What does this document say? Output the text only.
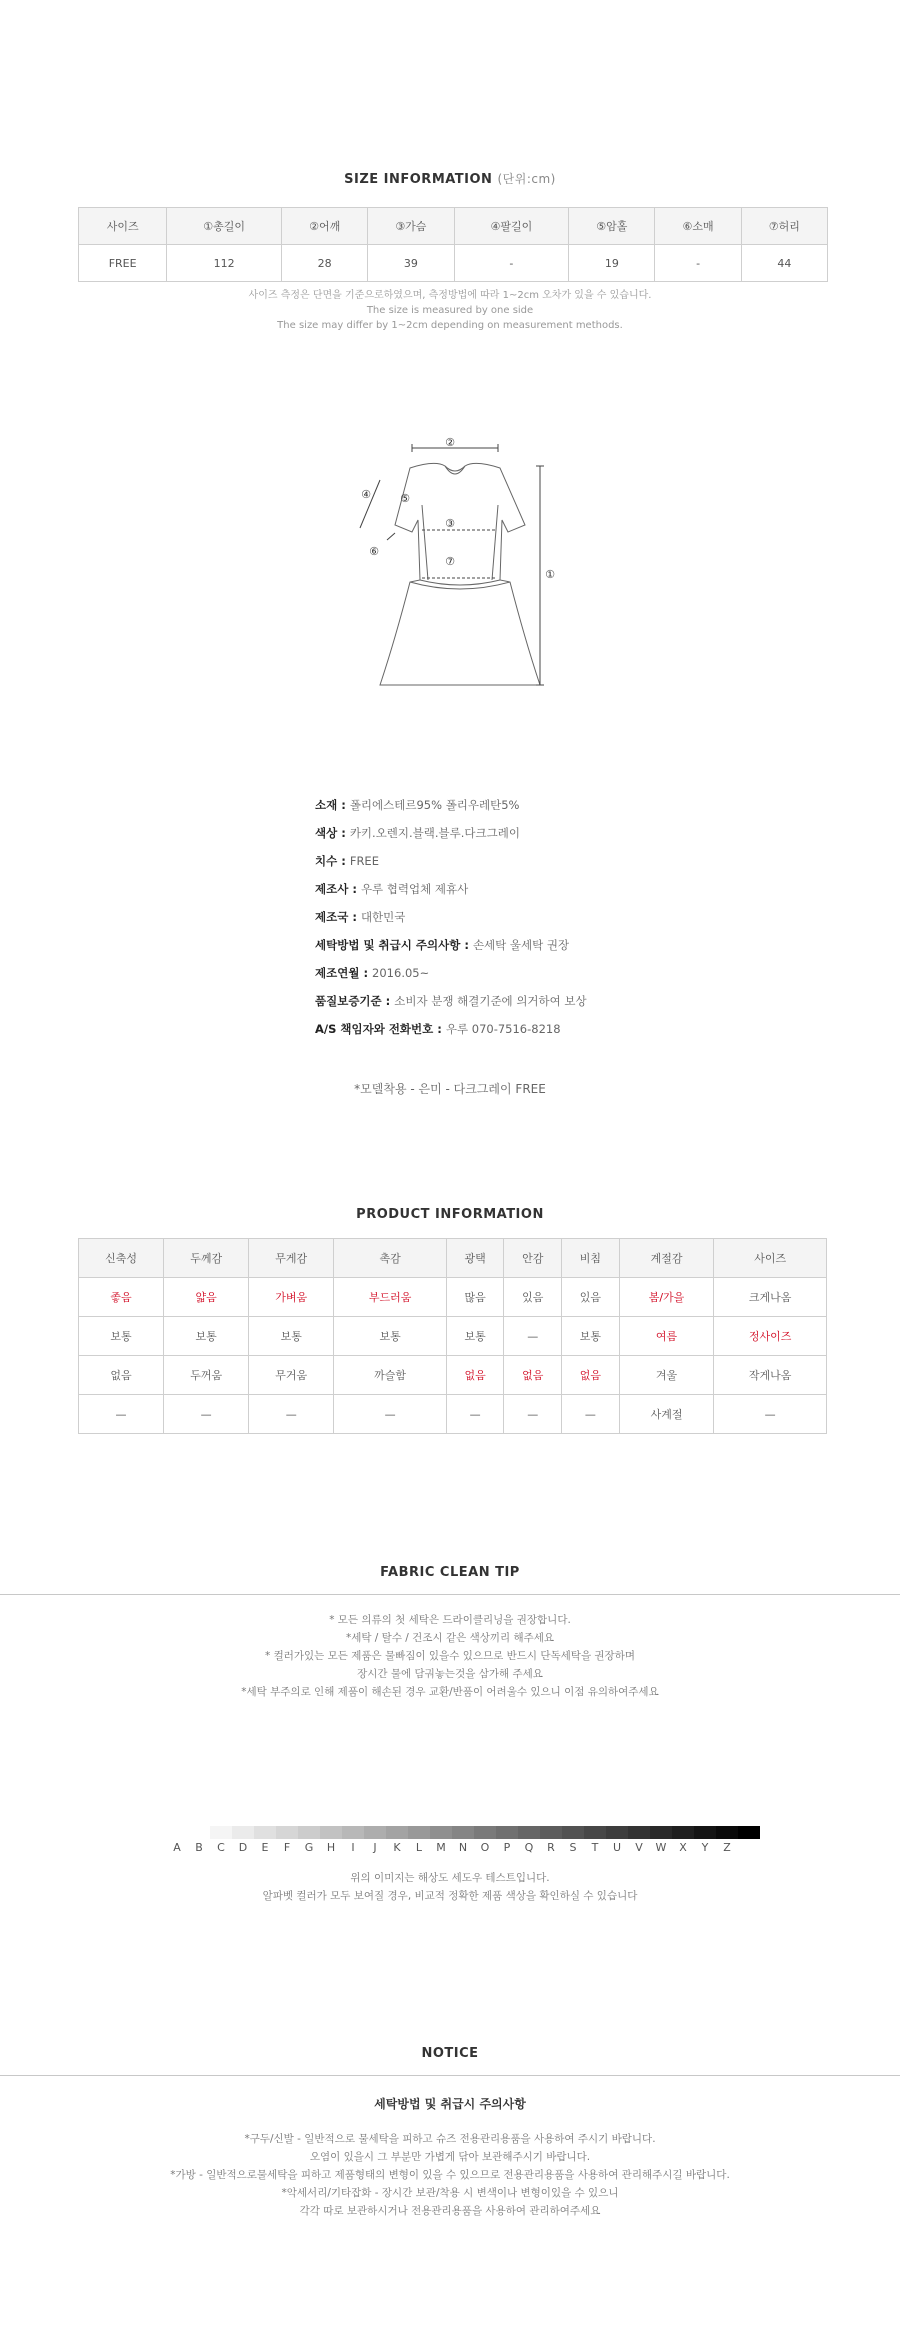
SIZE INFORMATION (단위:cm)
사이즈	①총길이	②어깨	③가슴	④팔길이	⑤암홀	⑥소매	⑦허리
FREE	112	28	39	-	19	-	44
사이즈 측정은 단면을 기준으로하였으며, 측정방법에 따라 1~2cm 오차가 있을 수 있습니다.
The size is measured by one side
The size may differ by 1~2cm depending on measurement methods.
②
①
③
⑦
④	⑤
⑥
소재 : 폴리에스테르95% 폴리우레탄5%
색상 : 카키.오렌지.블랙.블루.다크그레이
치수 : FREE
제조사 : 우루 협력업체 제휴사
제조국 : 대한민국
세탁방법 및 취급시 주의사항 : 손세탁 울세탁 권장
제조연월 : 2016.05~
품질보증기준 : 소비자 분쟁 해결기준에 의거하여 보상
A/S 책임자와 전화번호 : 우루 070-7516-8218
*모델착용 - 은미 - 다크그레이 FREE
PRODUCT INFORMATION
신축성	두께감	무게감	촉감	광택	안감	비침	계절감	사이즈
좋음	얇음	가벼움	부드러움	많음	있음	있음	봄/가을	크게나옴
보통	보통	보통	보통	보통	—	보통	여름	정사이즈
없음	두꺼움	무거움	까슬함	없음	없음	없음	겨울	작게나옴
—	—	—	—	—	—	—	사계절	—
FABRIC CLEAN TIP
* 모든 의류의 첫 세탁은 드라이클리닝을 권장합니다.
*세탁 / 탈수 / 건조시 같은 색상끼리 해주세요
* 컬러가있는 모든 제품은 물빠짐이 있을수 있으므로 반드시 단독세탁을 권장하며
장시간 물에 담궈놓는것을 삼가해 주세요
*세탁 부주의로 인해 제품이 해손된 경우 교환/반품이 어려울수 있으니 이점 유의하여주세요
A	B	C	D	E	F	G	H	I	J	K	L	M	N	O	P	Q	R	S	T	U	V	W	X	Y	Z
위의 이미지는 해상도 세도우 테스트입니다.
알파벳 컬러가 모두 보여질 경우, 비교적 정확한 제품 색상을 확인하실 수 있습니다
NOTICE
세탁방법 및 취급시 주의사항
*구두/신발 - 일반적으로 물세탁을 피하고 슈즈 전용관리용품을 사용하여 주시기 바랍니다.
오염이 있을시 그 부분만 가볍게 닦아 보관해주시기 바랍니다.
*가방 - 일반적으로물세탁을 피하고 제품형태의 변형이 있을 수 있으므로 전용관리용품을 사용하여 관리해주시길 바랍니다.
*악세서리/기타잡화 - 장시간 보관/착용 시 변색이나 변형이있을 수 있으니
각각 따로 보관하시거나 전용관리용품을 사용하여 관리하여주세요
